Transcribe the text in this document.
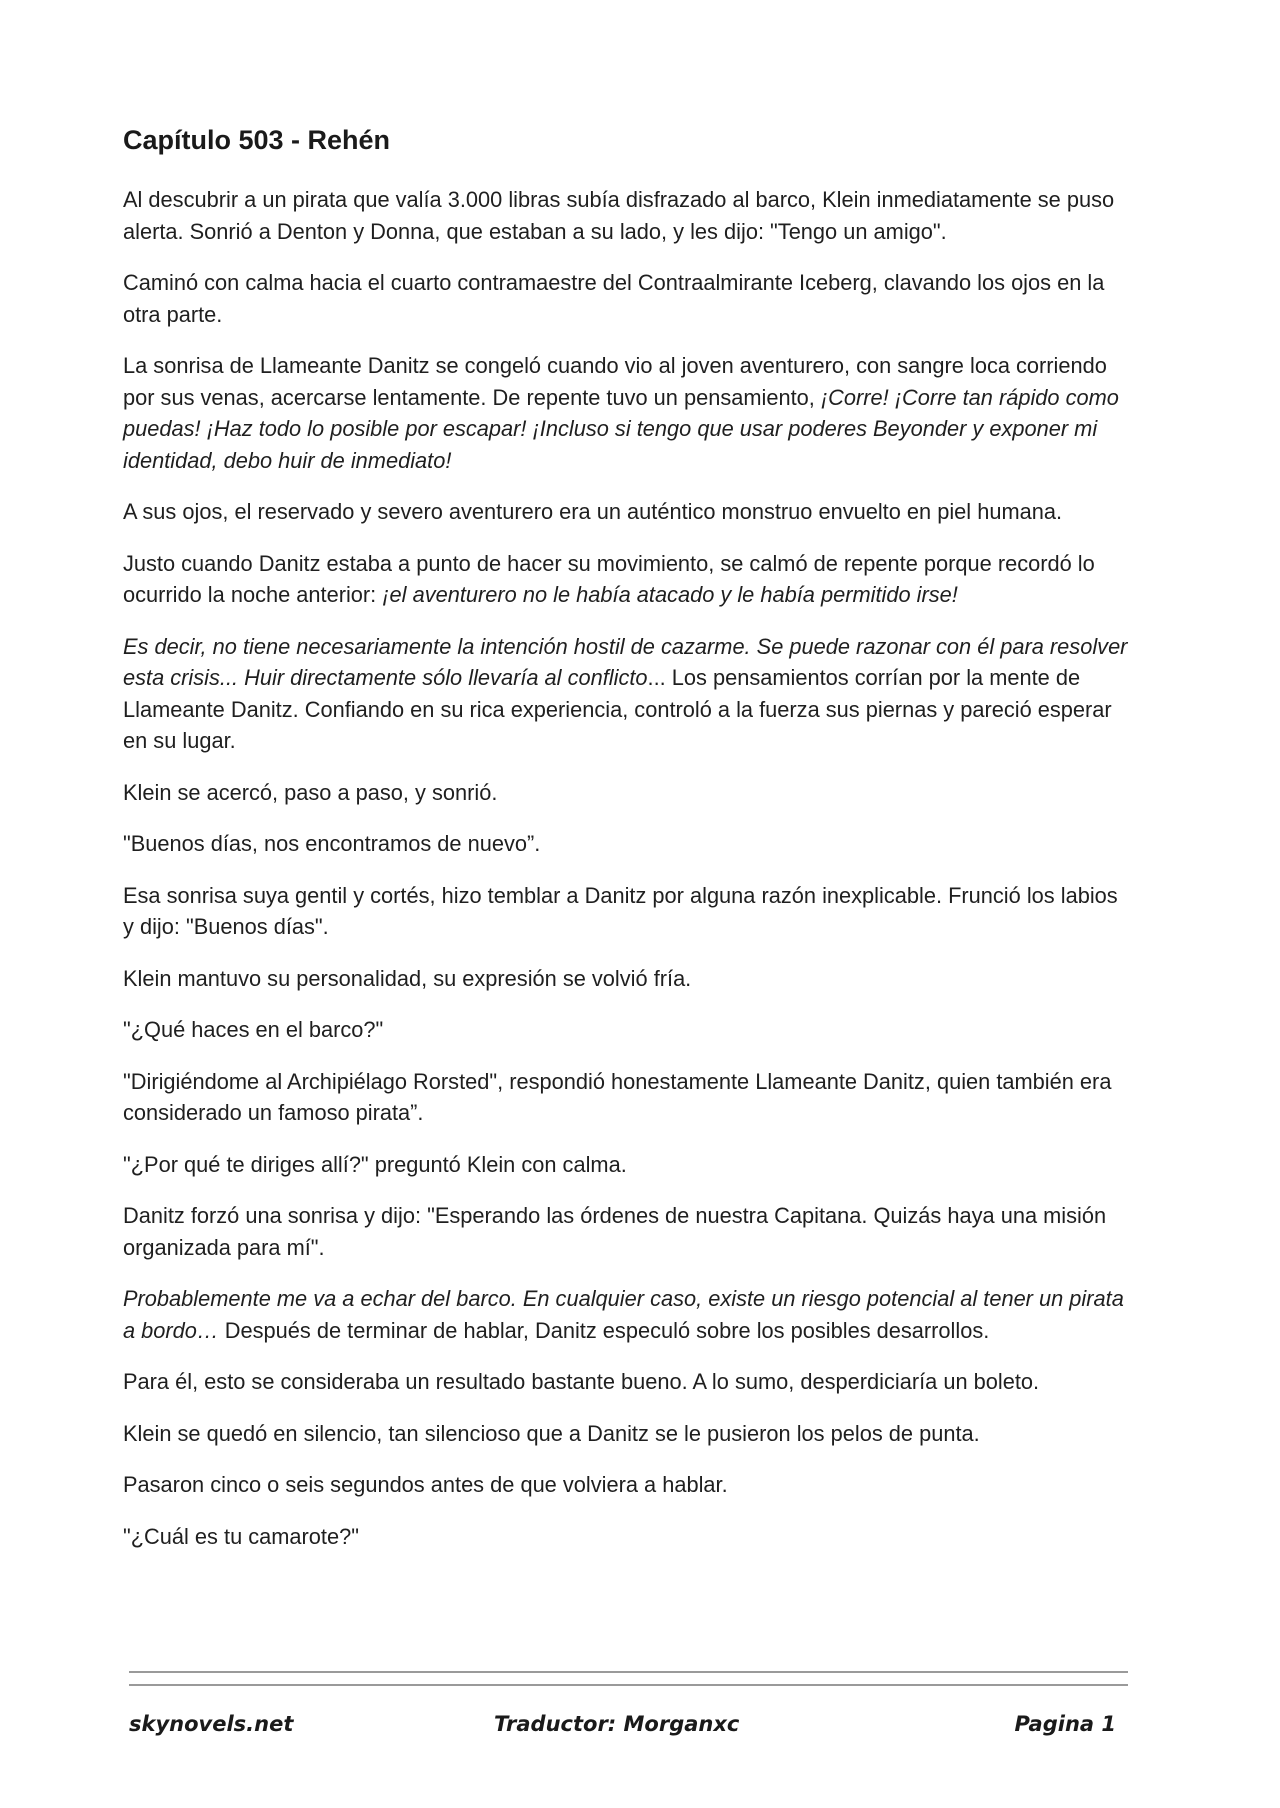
Capítulo 503 - Rehén

Al descubrir a un pirata que valía 3.000 libras subía disfrazado al barco, Klein inmediatamente se puso alerta. Sonrió a Denton y Donna, que estaban a su lado, y les dijo: "Tengo un amigo".

Caminó con calma hacia el cuarto contramaestre del Contraalmirante Iceberg, clavando los ojos en la otra parte.

La sonrisa de Llameante Danitz se congeló cuando vio al joven aventurero, con sangre loca corriendo por sus venas, acercarse lentamente. De repente tuvo un pensamiento, ¡Corre! ¡Corre tan rápido como puedas! ¡Haz todo lo posible por escapar! ¡Incluso si tengo que usar poderes Beyonder y exponer mi identidad, debo huir de inmediato!

A sus ojos, el reservado y severo aventurero era un auténtico monstruo envuelto en piel humana.

Justo cuando Danitz estaba a punto de hacer su movimiento, se calmó de repente porque recordó lo ocurrido la noche anterior: ¡el aventurero no le había atacado y le había permitido irse!

Es decir, no tiene necesariamente la intención hostil de cazarme. Se puede razonar con él para resolver esta crisis... Huir directamente sólo llevaría al conflicto... Los pensamientos corrían por la mente de Llameante Danitz. Confiando en su rica experiencia, controló a la fuerza sus piernas y pareció esperar en su lugar.

Klein se acercó, paso a paso, y sonrió.

"Buenos días, nos encontramos de nuevo”.

Esa sonrisa suya gentil y cortés, hizo temblar a Danitz por alguna razón inexplicable. Frunció los labios y dijo: "Buenos días".

Klein mantuvo su personalidad, su expresión se volvió fría.

"¿Qué haces en el barco?"

"Dirigiéndome al Archipiélago Rorsted", respondió honestamente Llameante Danitz, quien también era considerado un famoso pirata”.

"¿Por qué te diriges allí?" preguntó Klein con calma.

Danitz forzó una sonrisa y dijo: "Esperando las órdenes de nuestra Capitana. Quizás haya una misión organizada para mí".

Probablemente me va a echar del barco. En cualquier caso, existe un riesgo potencial al tener un pirata a bordo… Después de terminar de hablar, Danitz especuló sobre los posibles desarrollos.

Para él, esto se consideraba un resultado bastante bueno. A lo sumo, desperdiciaría un boleto.

Klein se quedó en silencio, tan silencioso que a Danitz se le pusieron los pelos de punta.

Pasaron cinco o seis segundos antes de que volviera a hablar.

"¿Cuál es tu camarote?"

skynovels.net	Traductor: Morganxc	Pagina 1
